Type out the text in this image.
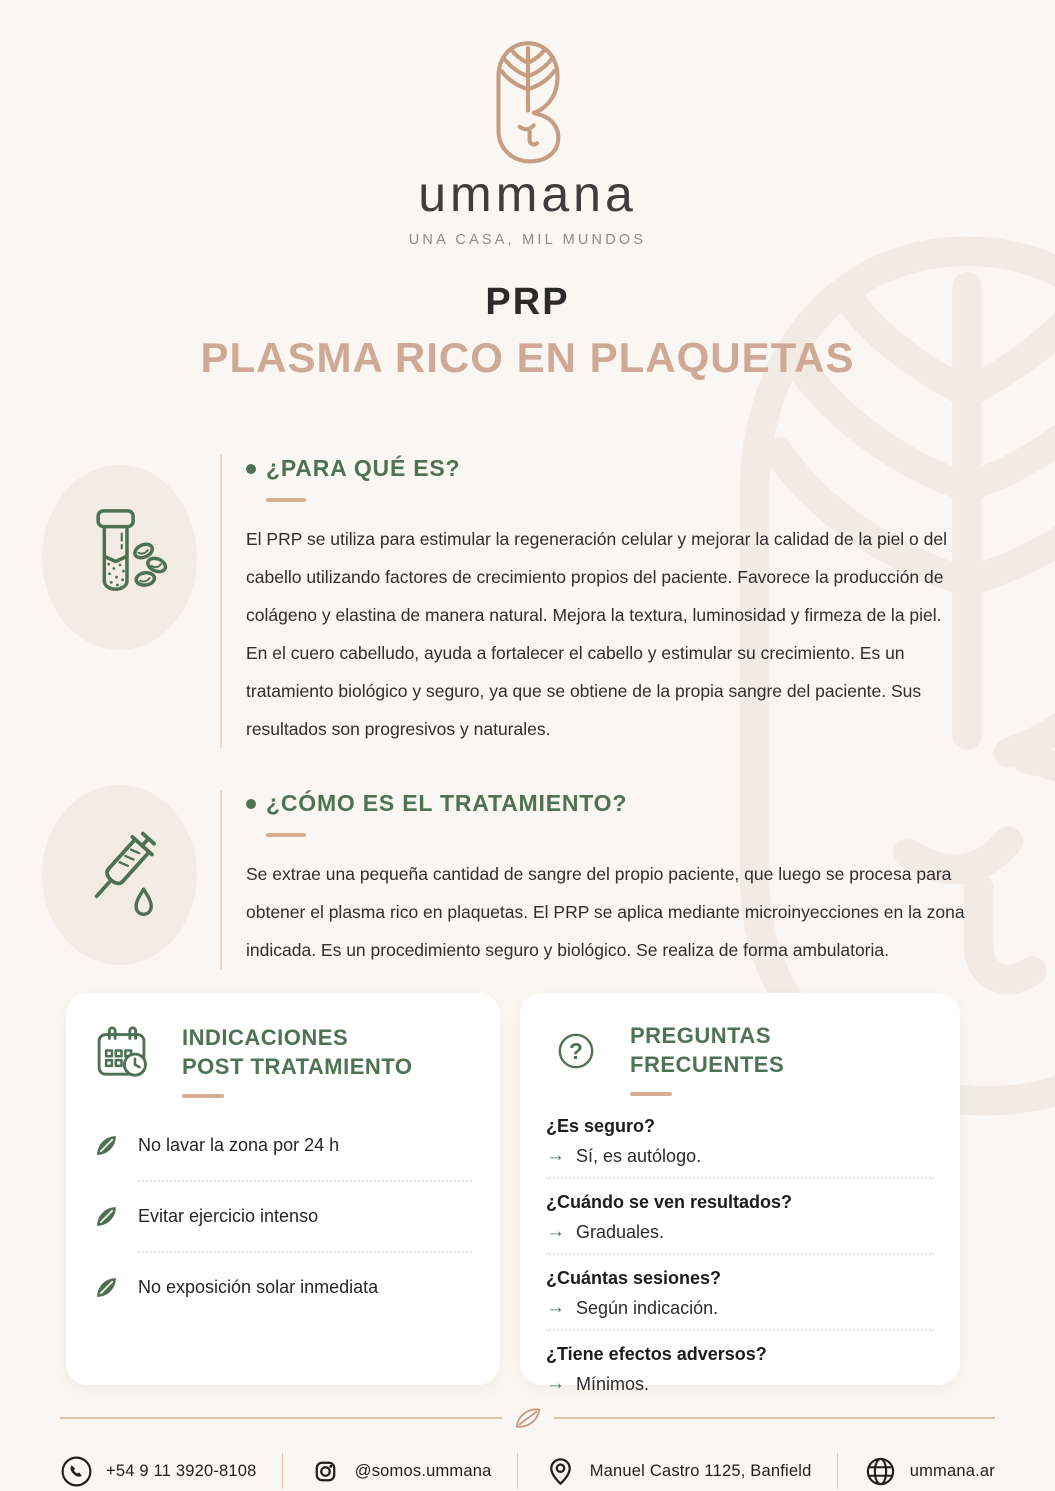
ummana
UNA CASA, MIL MUNDOS
PRP
PLASMA RICO EN PLAQUETAS
¿PARA QUÉ ES?
El PRP se utiliza para estimular la regeneración celular y mejorar la calidad de la piel o del cabello utilizando factores de crecimiento propios del paciente. Favorece la producción de colágeno y elastina de manera natural. Mejora la textura, luminosidad y firmeza de la piel. En el cuero cabelludo, ayuda a fortalecer el cabello y estimular su crecimiento. Es un tratamiento biológico y seguro, ya que se obtiene de la propia sangre del paciente. Sus resultados son progresivos y naturales.
¿CÓMO ES EL TRATAMIENTO?
Se extrae una pequeña cantidad de sangre del propio paciente, que luego se procesa para obtener el plasma rico en plaquetas. El PRP se aplica mediante microinyecciones en la zona indicada. Es un procedimiento seguro y biológico. Se realiza de forma ambulatoria.
INDICACIONES
POST TRATAMIENTO
No lavar la zona por 24 h
Evitar ejercicio intenso
No exposición solar inmediata
?
PREGUNTAS
FRECUENTES
¿Es seguro?
→ Sí, es autólogo.
¿Cuándo se ven resultados?
→ Graduales.
¿Cuántas sesiones?
→ Según indicación.
¿Tiene efectos adversos?
→ Mínimos.
+54 9 11 3920-8108	@somos.ummana	Manuel Castro 1125, Banfield	ummana.ar
